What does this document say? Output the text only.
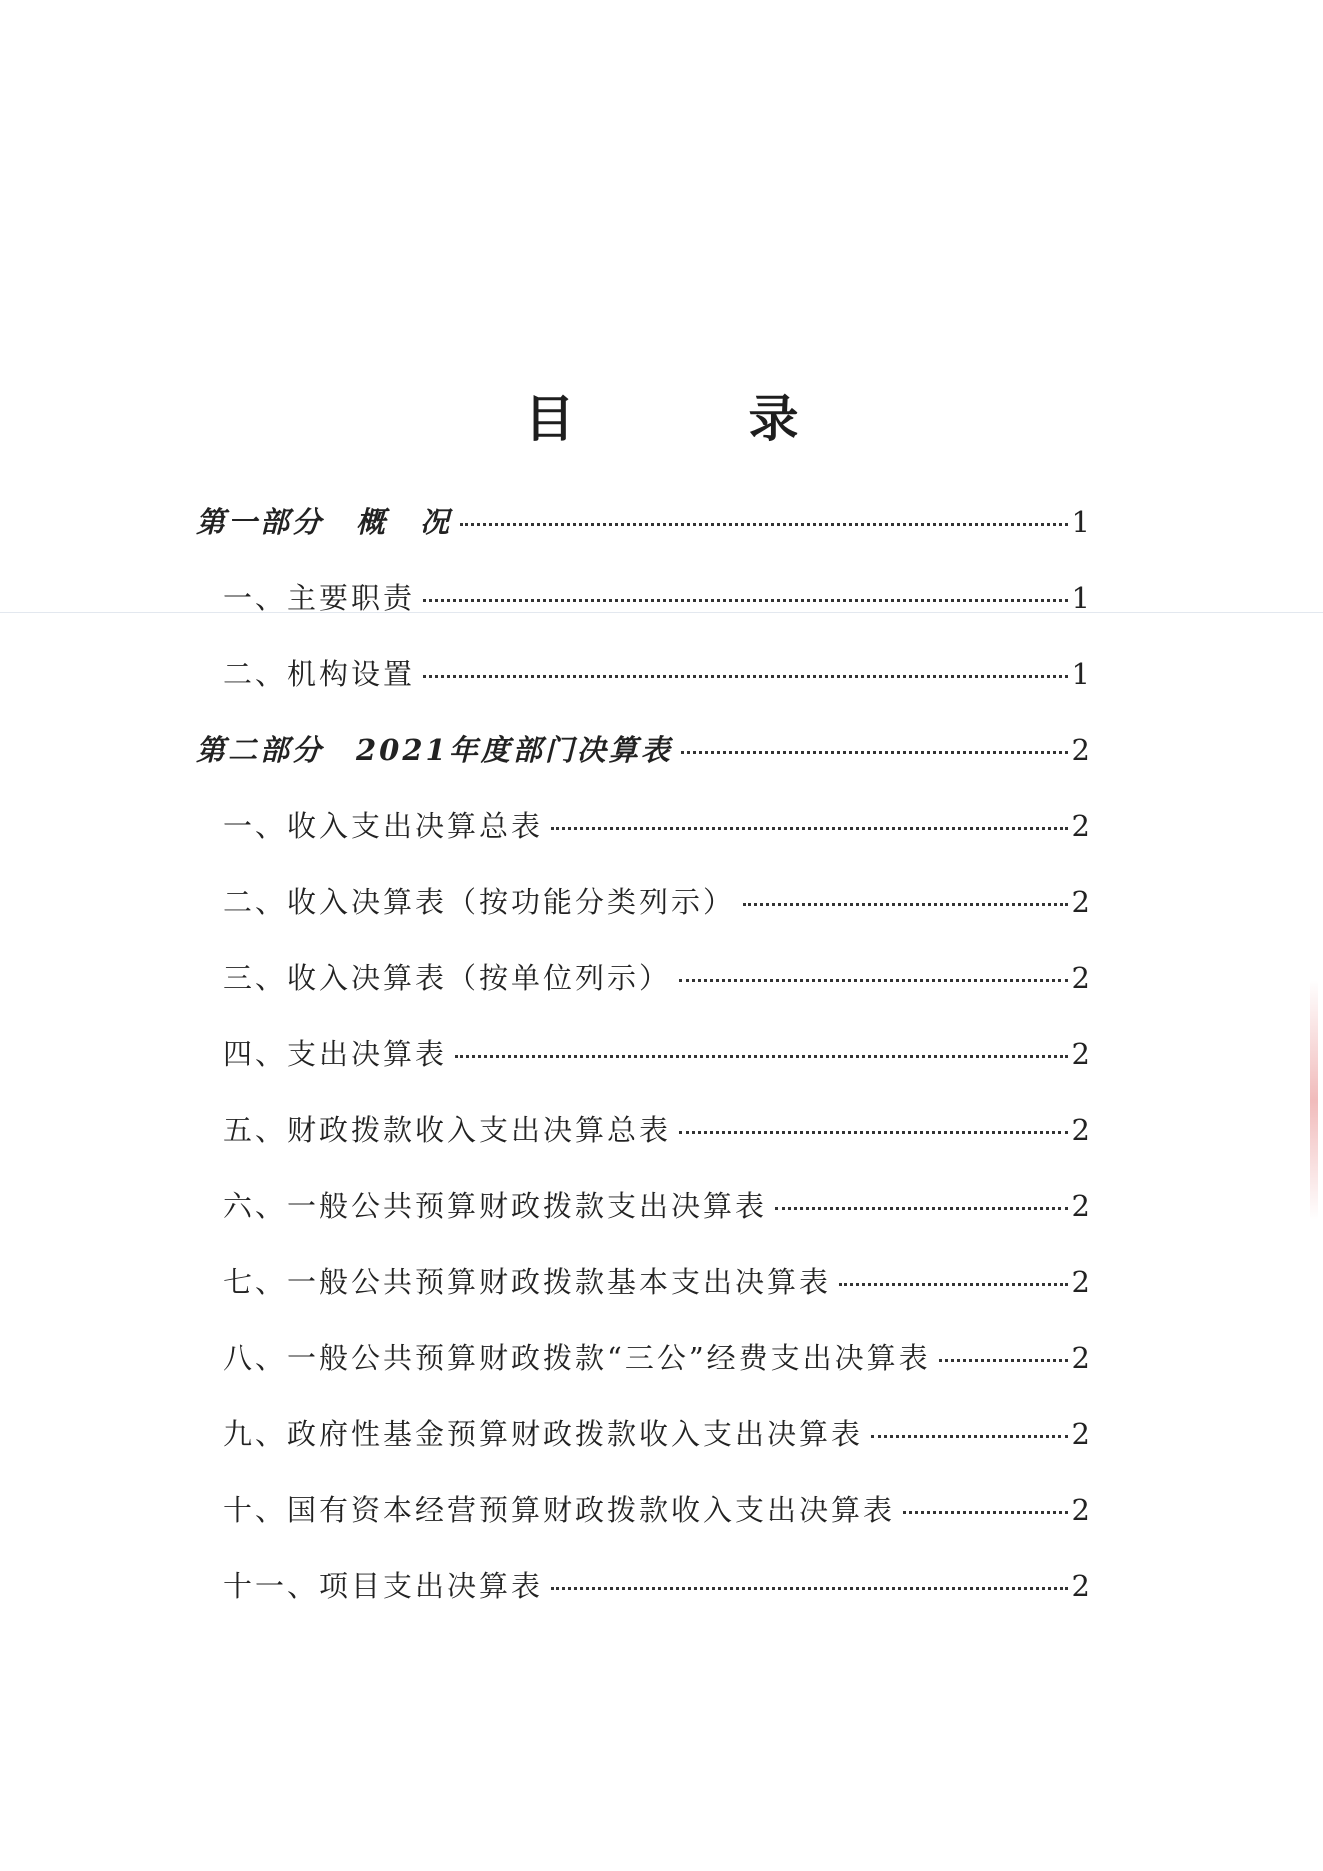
目　录
第一部分　概　况	1
一、主要职责	1
二、机构设置	1
第二部分　2021年度部门决算表	2
一、收入支出决算总表	2
二、收入决算表（按功能分类列示）	2
三、收入决算表（按单位列示）	2
四、支出决算表	2
五、财政拨款收入支出决算总表	2
六、一般公共预算财政拨款支出决算表	2
七、一般公共预算财政拨款基本支出决算表	2
八、一般公共预算财政拨款“三公”经费支出决算表	2
九、政府性基金预算财政拨款收入支出决算表	2
十、国有资本经营预算财政拨款收入支出决算表	2
十一、项目支出决算表	2
